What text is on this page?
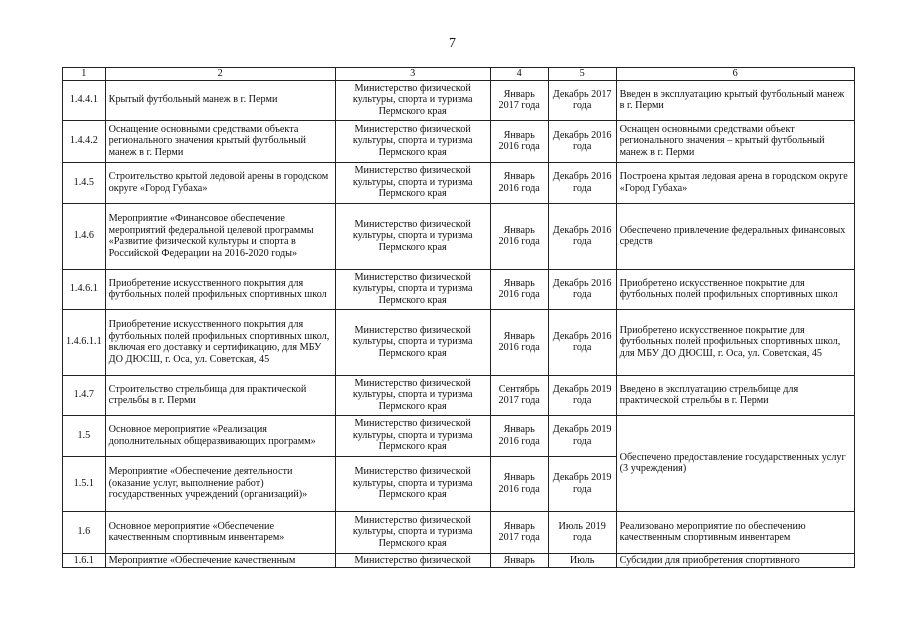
7
1	2	3	4	5	6
1.4.4.1	Крытый футбольный манеж в г. Перми	Министерство физической культуры, спорта и туризма Пермского края	Январь 2017 года	Декабрь 2017 года	Введен в эксплуатацию крытый футбольный манеж в г. Перми
1.4.4.2	Оснащение основными средствами объекта регионального значения крытый футбольный манеж в г. Перми	Министерство физической культуры, спорта и туризма Пермского края	Январь 2016 года	Декабрь 2016 года	Оснащен основными средствами объект регионального значения – крытый футбольный манеж в г. Перми
1.4.5	Строительство крытой ледовой арены в городском округе «Город Губаха»	Министерство физической культуры, спорта и туризма Пермского края	Январь 2016 года	Декабрь 2016 года	Построена крытая ледовая арена в городском округе «Город Губаха»
1.4.6	Мероприятие «Финансовое обеспечение мероприятий федеральной целевой программы «Развитие физической культуры и спорта в Российской Федерации на 2016-2020 годы»	Министерство физической культуры, спорта и туризма Пермского края	Январь 2016 года	Декабрь 2016 года	Обеспечено привлечение федеральных финансовых средств
1.4.6.1	Приобретение искусственного покрытия для футбольных полей профильных спортивных школ	Министерство физической культуры, спорта и туризма Пермского края	Январь 2016 года	Декабрь 2016 года	Приобретено искусственное покрытие для футбольных полей профильных спортивных школ
1.4.6.1.1	Приобретение искусственного покрытия для футбольных полей профильных спортивных школ, включая его доставку и сертификацию, для МБУ ДО ДЮСШ, г. Оса, ул. Советская, 45	Министерство физической культуры, спорта и туризма Пермского края	Январь 2016 года	Декабрь 2016 года	Приобретено искусственное покрытие для футбольных полей профильных спортивных школ, для МБУ ДО ДЮСШ, г. Оса, ул. Советская, 45
1.4.7	Строительство стрельбища для практической стрельбы в г. Перми	Министерство физической культуры, спорта и туризма Пермского края	Сентябрь 2017 года	Декабрь 2019 года	Введено в эксплуатацию стрельбище для практической стрельбы в г. Перми
1.5	Основное мероприятие «Реализация дополнительных общеразвивающих программ»	Министерство физической культуры, спорта и туризма Пермского края	Январь 2016 года	Декабрь 2019 года	Обеспечено предоставление государственных услуг (3 учреждения)
1.5.1	Мероприятие «Обеспечение деятельности (оказание услуг, выполнение работ) государственных учреждений (организаций)»	Министерство физической культуры, спорта и туризма Пермского края	Январь 2016 года	Декабрь 2019 года	
1.6	Основное мероприятие «Обеспечение качественным спортивным инвентарем»	Министерство физической культуры, спорта и туризма Пермского края	Январь 2017 года	Июль 2019 года	Реализовано мероприятие по обеспечению качественным спортивным инвентарем
1.6.1	Мероприятие «Обеспечение качественным	Министерство физической	Январь	Июль	Субсидии для приобретения спортивного
